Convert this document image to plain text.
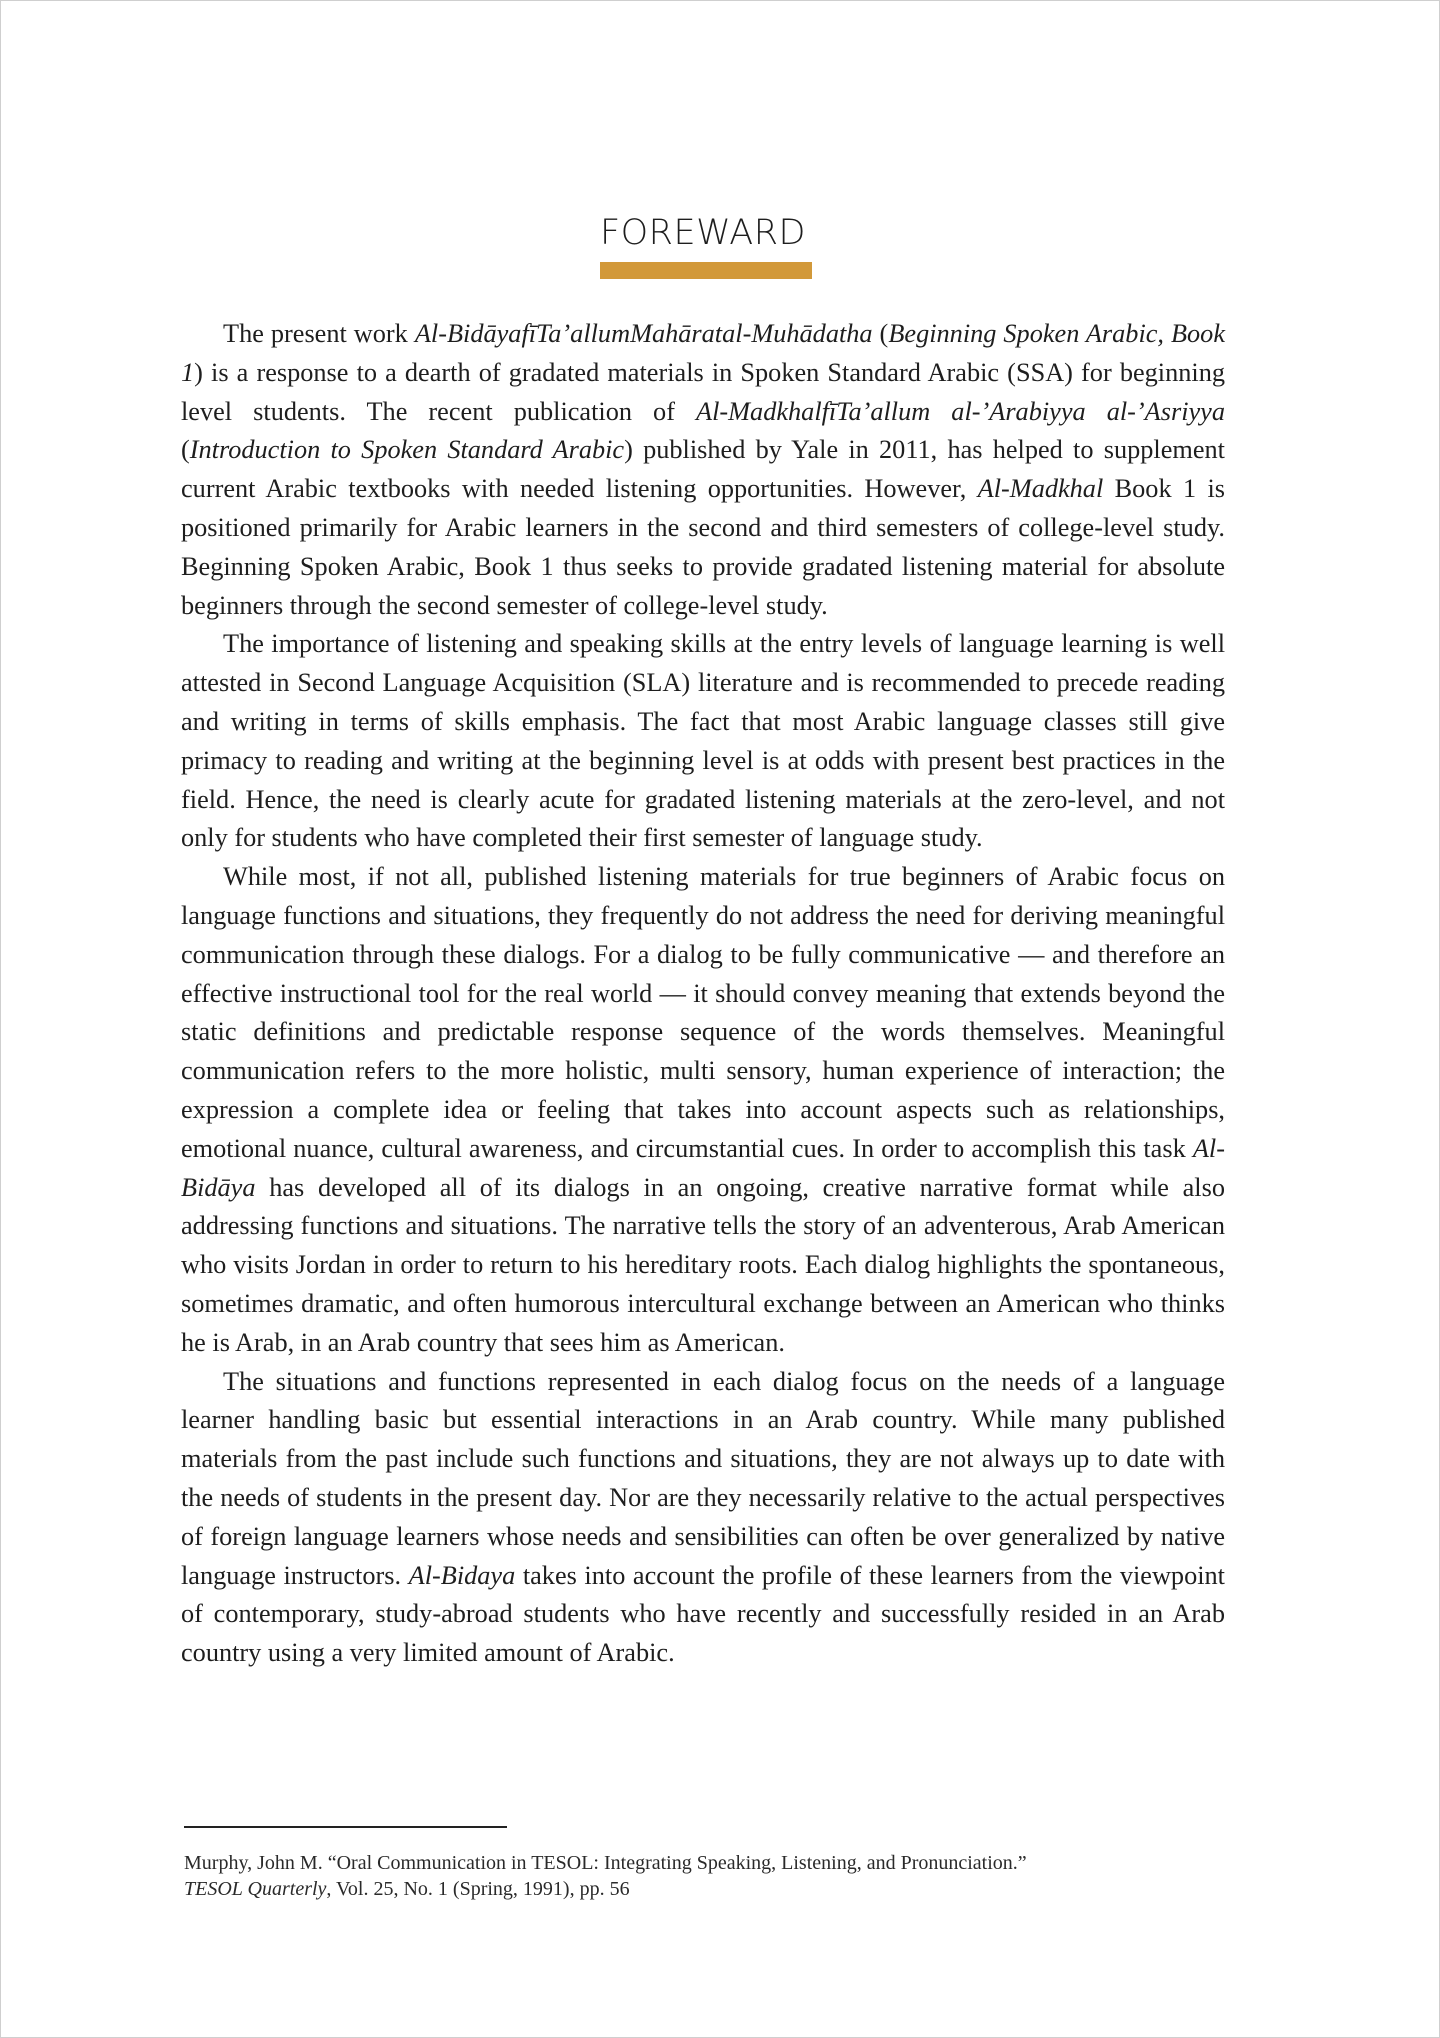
FOREWARD

The present work Al-BidāyafīTa’allumMahāratal-Muhādatha (Beginning Spoken Arabic, Book 1) is a response to a dearth of gradated materials in Spoken Standard Arabic (SSA) for beginning level students. The recent publication of Al-MadkhalfīTa’allum al-’Arabiyya al-’Asriyya (Introduction to Spoken Standard Arabic) published by Yale in 2011, has helped to supplement current Arabic textbooks with needed listening opportunities. However, Al-Madkhal Book 1 is positioned primarily for Arabic learners in the second and third semesters of college-level study. Beginning Spoken Arabic, Book 1 thus seeks to provide gradated listening material for absolute beginners through the second semester of college-level study.

The importance of listening and speaking skills at the entry levels of language learning is well attested in Second Language Acquisition (SLA) literature and is recommended to precede reading and writing in terms of skills emphasis. The fact that most Arabic language classes still give primacy to reading and writing at the beginning level is at odds with present best practices in the field. Hence, the need is clearly acute for gradated listening materials at the zero-level, and not only for students who have completed their first semester of language study.

While most, if not all, published listening materials for true beginners of Arabic focus on language functions and situations, they frequently do not address the need for deriving meaningful communication through these dialogs. For a dialog to be fully communicative — and therefore an effective instructional tool for the real world — it should convey meaning that extends beyond the static definitions and predictable response sequence of the words themselves. Meaningful communication refers to the more holistic, multi sensory, human experience of interaction; the expression a complete idea or feeling that takes into account aspects such as relationships, emotional nuance, cultural awareness, and circumstantial cues. In order to accomplish this task Al-Bidāya has developed all of its dialogs in an ongoing, creative narrative format while also addressing functions and situations. The narrative tells the story of an adventerous, Arab American who visits Jordan in order to return to his hereditary roots. Each dialog highlights the spontaneous, sometimes dramatic, and often humorous intercultural exchange between an American who thinks he is Arab, in an Arab country that sees him as American.

The situations and functions represented in each dialog focus on the needs of a language learner handling basic but essential interactions in an Arab country. While many published materials from the past include such functions and situations, they are not always up to date with the needs of students in the present day. Nor are they necessarily relative to the actual perspectives of foreign language learners whose needs and sensibilities can often be over generalized by native language instructors. Al-Bidaya takes into account the profile of these learners from the viewpoint of contemporary, study-abroad students who have recently and successfully resided in an Arab country using a very limited amount of Arabic.

Murphy, John M. “Oral Communication in TESOL: Integrating Speaking, Listening, and Pronunciation.”

TESOL Quarterly, Vol. 25, No. 1 (Spring, 1991), pp. 56
